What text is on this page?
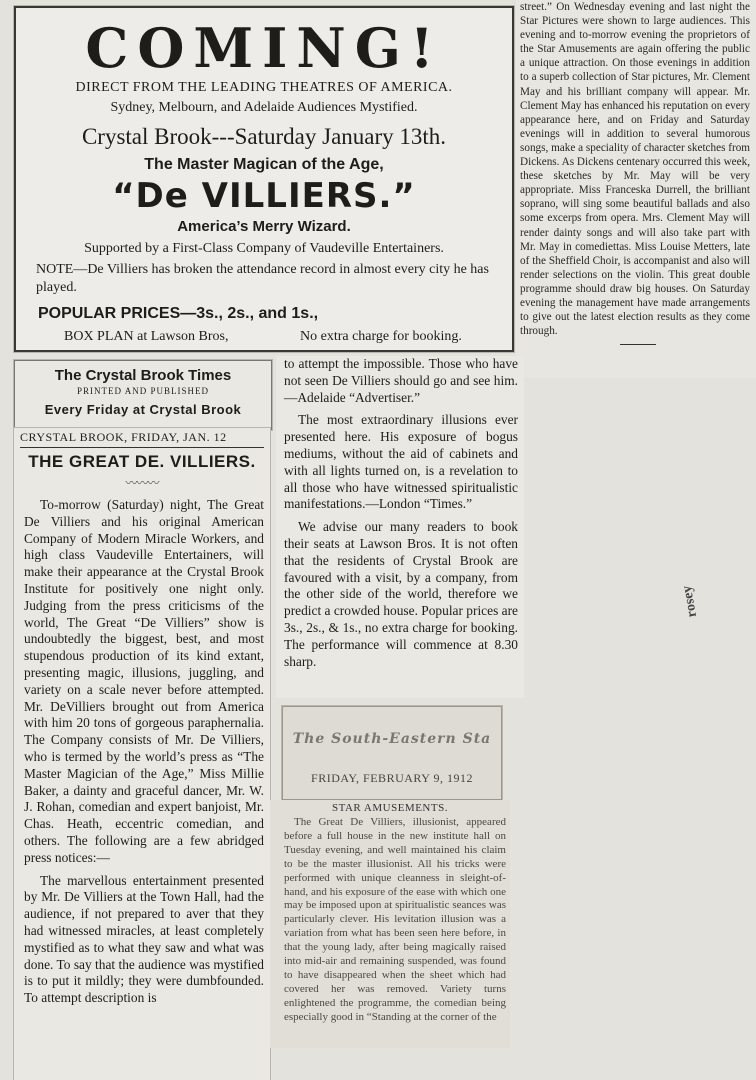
COMING!
DIRECT FROM THE LEADING THEATRES OF AMERICA.
Sydney, Melbourn, and Adelaide Audiences Mystified.
Crystal Brook---Saturday January 13th.
The Master Magican of the Age,
“De VILLIERS.”
America’s Merry Wizard.
Supported by a First-Class Company of Vaudeville Entertainers.
NOTE—De Villiers has broken the attendance record in almost every city he has played.
POPULAR PRICES—3s., 2s., and 1s.,
BOX PLAN at Lawson Bros,	No extra charge for booking.

street.” On Wednesday evening and last night the Star Pictures were shown to large audiences. This evening and to-morrow evening the proprietors of the Star Amusements are again offering the public a unique attraction. On those evenings in addition to a superb collection of Star pictures, Mr. Clement May and his brilliant company will appear. Mr. Clement May has enhanced his reputation on every appearance here, and on Friday and Saturday evenings will in addition to several humorous songs, make a speciality of character sketches from Dickens. As Dickens centenary occurred this week, these sketches by Mr. May will be very appropriate. Miss Franceska Durrell, the brilliant soprano, will sing some beautiful ballads and also some excerps from opera. Mrs. Clement May will render dainty songs and will also take part with Mr. May in comediettas. Miss Louise Metters, late of the Sheffield Choir, is accompanist and also will render selections on the violin. This great double programme should draw big houses. On Saturday evening the management have made arrangements to give out the latest election results as they come through.

The Crystal Brook Times
PRINTED AND PUBLISHED
Every Friday at Crystal Brook
CRYSTAL BROOK, FRIDAY, JAN. 12
THE GREAT DE. VILLIERS.
〰〰〰

To-morrow (Saturday) night, The Great De Villiers and his original American Company of Modern Miracle Workers, and high class Vaudeville Entertainers, will make their appearance at the Crystal Brook Institute for positively one night only. Judging from the press criticisms of the world, The Great “De Villiers” show is undoubtedly the biggest, best, and most stupendous production of its kind extant, presenting magic, illusions, juggling, and variety on a scale never before attempted. Mr. DeVilliers brought out from America with him 20 tons of gorgeous paraphernalia. The Company consists of Mr. De Villiers, who is termed by the world’s press as “The Master Magician of the Age,” Miss Millie Baker, a dainty and graceful dancer, Mr. W. J. Rohan, comedian and expert banjoist, Mr. Chas. Heath, eccentric comedian, and others. The following are a few abridged press notices:—

The marvellous entertainment presented by Mr. De Villiers at the Town Hall, had the audience, if not prepared to aver that they had witnessed miracles, at least completely mystified as to what they saw and what was done. To say that the audience was mystified is to put it mildly; they were dumbfounded. To attempt description is

to attempt the impossible. Those who have not seen De Villiers should go and see him.—Adelaide “Advertiser.”

The most extraordinary illusions ever presented here. His exposure of bogus mediums, without the aid of cabinets and with all lights turned on, is a revelation to all those who have witnessed spiritualistic manifestations.—London “Times.”

We advise our many readers to book their seats at Lawson Bros. It is not often that the residents of Crystal Brook are favoured with a visit, by a company, from the other side of the world, therefore we predict a crowded house. Popular prices are 3s., 2s., & 1s., no extra charge for booking. The performance will commence at 8.30 sharp.

The South-Eastern Sta
FRIDAY, FEBRUARY 9, 1912
STAR AMUSEMENTS.

The Great De Villiers, illusionist, appeared before a full house in the new institute hall on Tuesday evening, and well maintained his claim to be the master illusionist. All his tricks were performed with unique cleanness in sleight-of-hand, and his exposure of the ease with which one may be imposed upon at spiritualistic seances was particularly clever. His levitation illusion was a variation from what has been seen here before, in that the young lady, after being magically raised into mid-air and remaining suspended, was found to have disappeared when the sheet which had covered her was removed. Variety turns enlightened the programme, the comedian being especially good in “Standing at the corner of the

ʎəsoɹ
